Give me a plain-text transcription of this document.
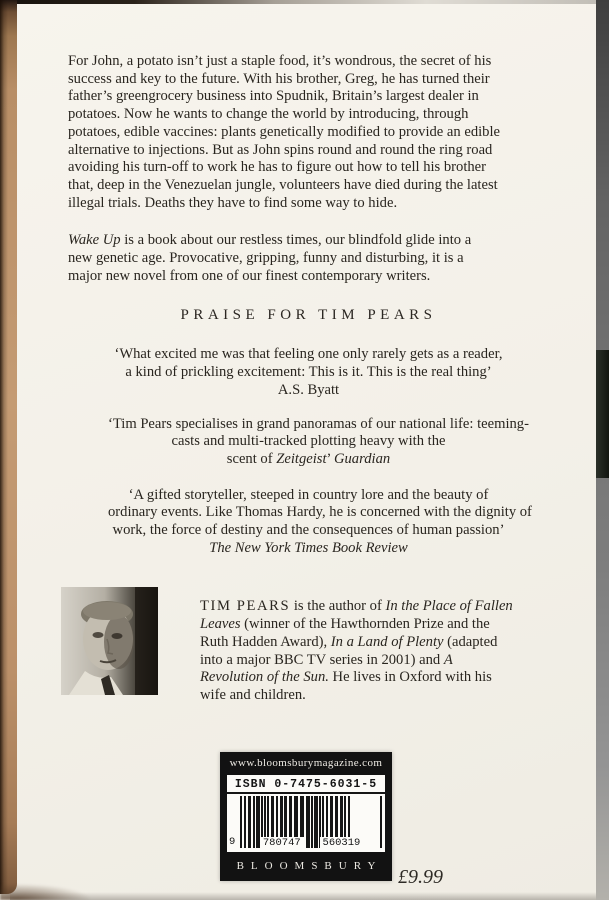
For John, a potato isn’t just a staple food, it’s wondrous, the secret of his
success and key to the future. With his brother, Greg, he has turned their
father’s greengrocery business into Spudnik, Britain’s largest dealer in
potatoes. Now he wants to change the world by introducing, through
potatoes, edible vaccines: plants genetically modified to provide an edible
alternative to injections. But as John spins round and round the ring road
avoiding his turn-off to work he has to figure out how to tell his brother
that, deep in the Venezuelan jungle, volunteers have died during the latest
illegal trials. Deaths they have to find some way to hide.
Wake Up is a book about our restless times, our blindfold glide into a
new genetic age. Provocative, gripping, funny and disturbing, it is a
major new novel from one of our finest contemporary writers.
PRAISE FOR TIM PEARS
‘What excited me was that feeling one only rarely gets as a reader,
a kind of prickling excitement: This is it. This is the real thing’
A.S. Byatt
‘Tim Pears specialises in grand panoramas of our national life: teeming-
casts and multi-tracked plotting heavy with the
scent of Zeitgeist’ Guardian
‘A gifted storyteller, steeped in country lore and the beauty of
ordinary events. Like Thomas Hardy, he is concerned with the dignity of
work, the force of destiny and the consequences of human passion’
The New York Times Book Review
TIM PEARS is the author of In the Place of Fallen
Leaves (winner of the Hawthornden Prize and the
Ruth Hadden Award), In a Land of Plenty (adapted
into a major BBC TV series in 2001) and A
Revolution of the Sun. He lives in Oxford with his
wife and children.
www.bloomsburymagazine.com
ISBN 0-7475-6031-5
9	780747 560319
BLOOMSBURY £9.99
